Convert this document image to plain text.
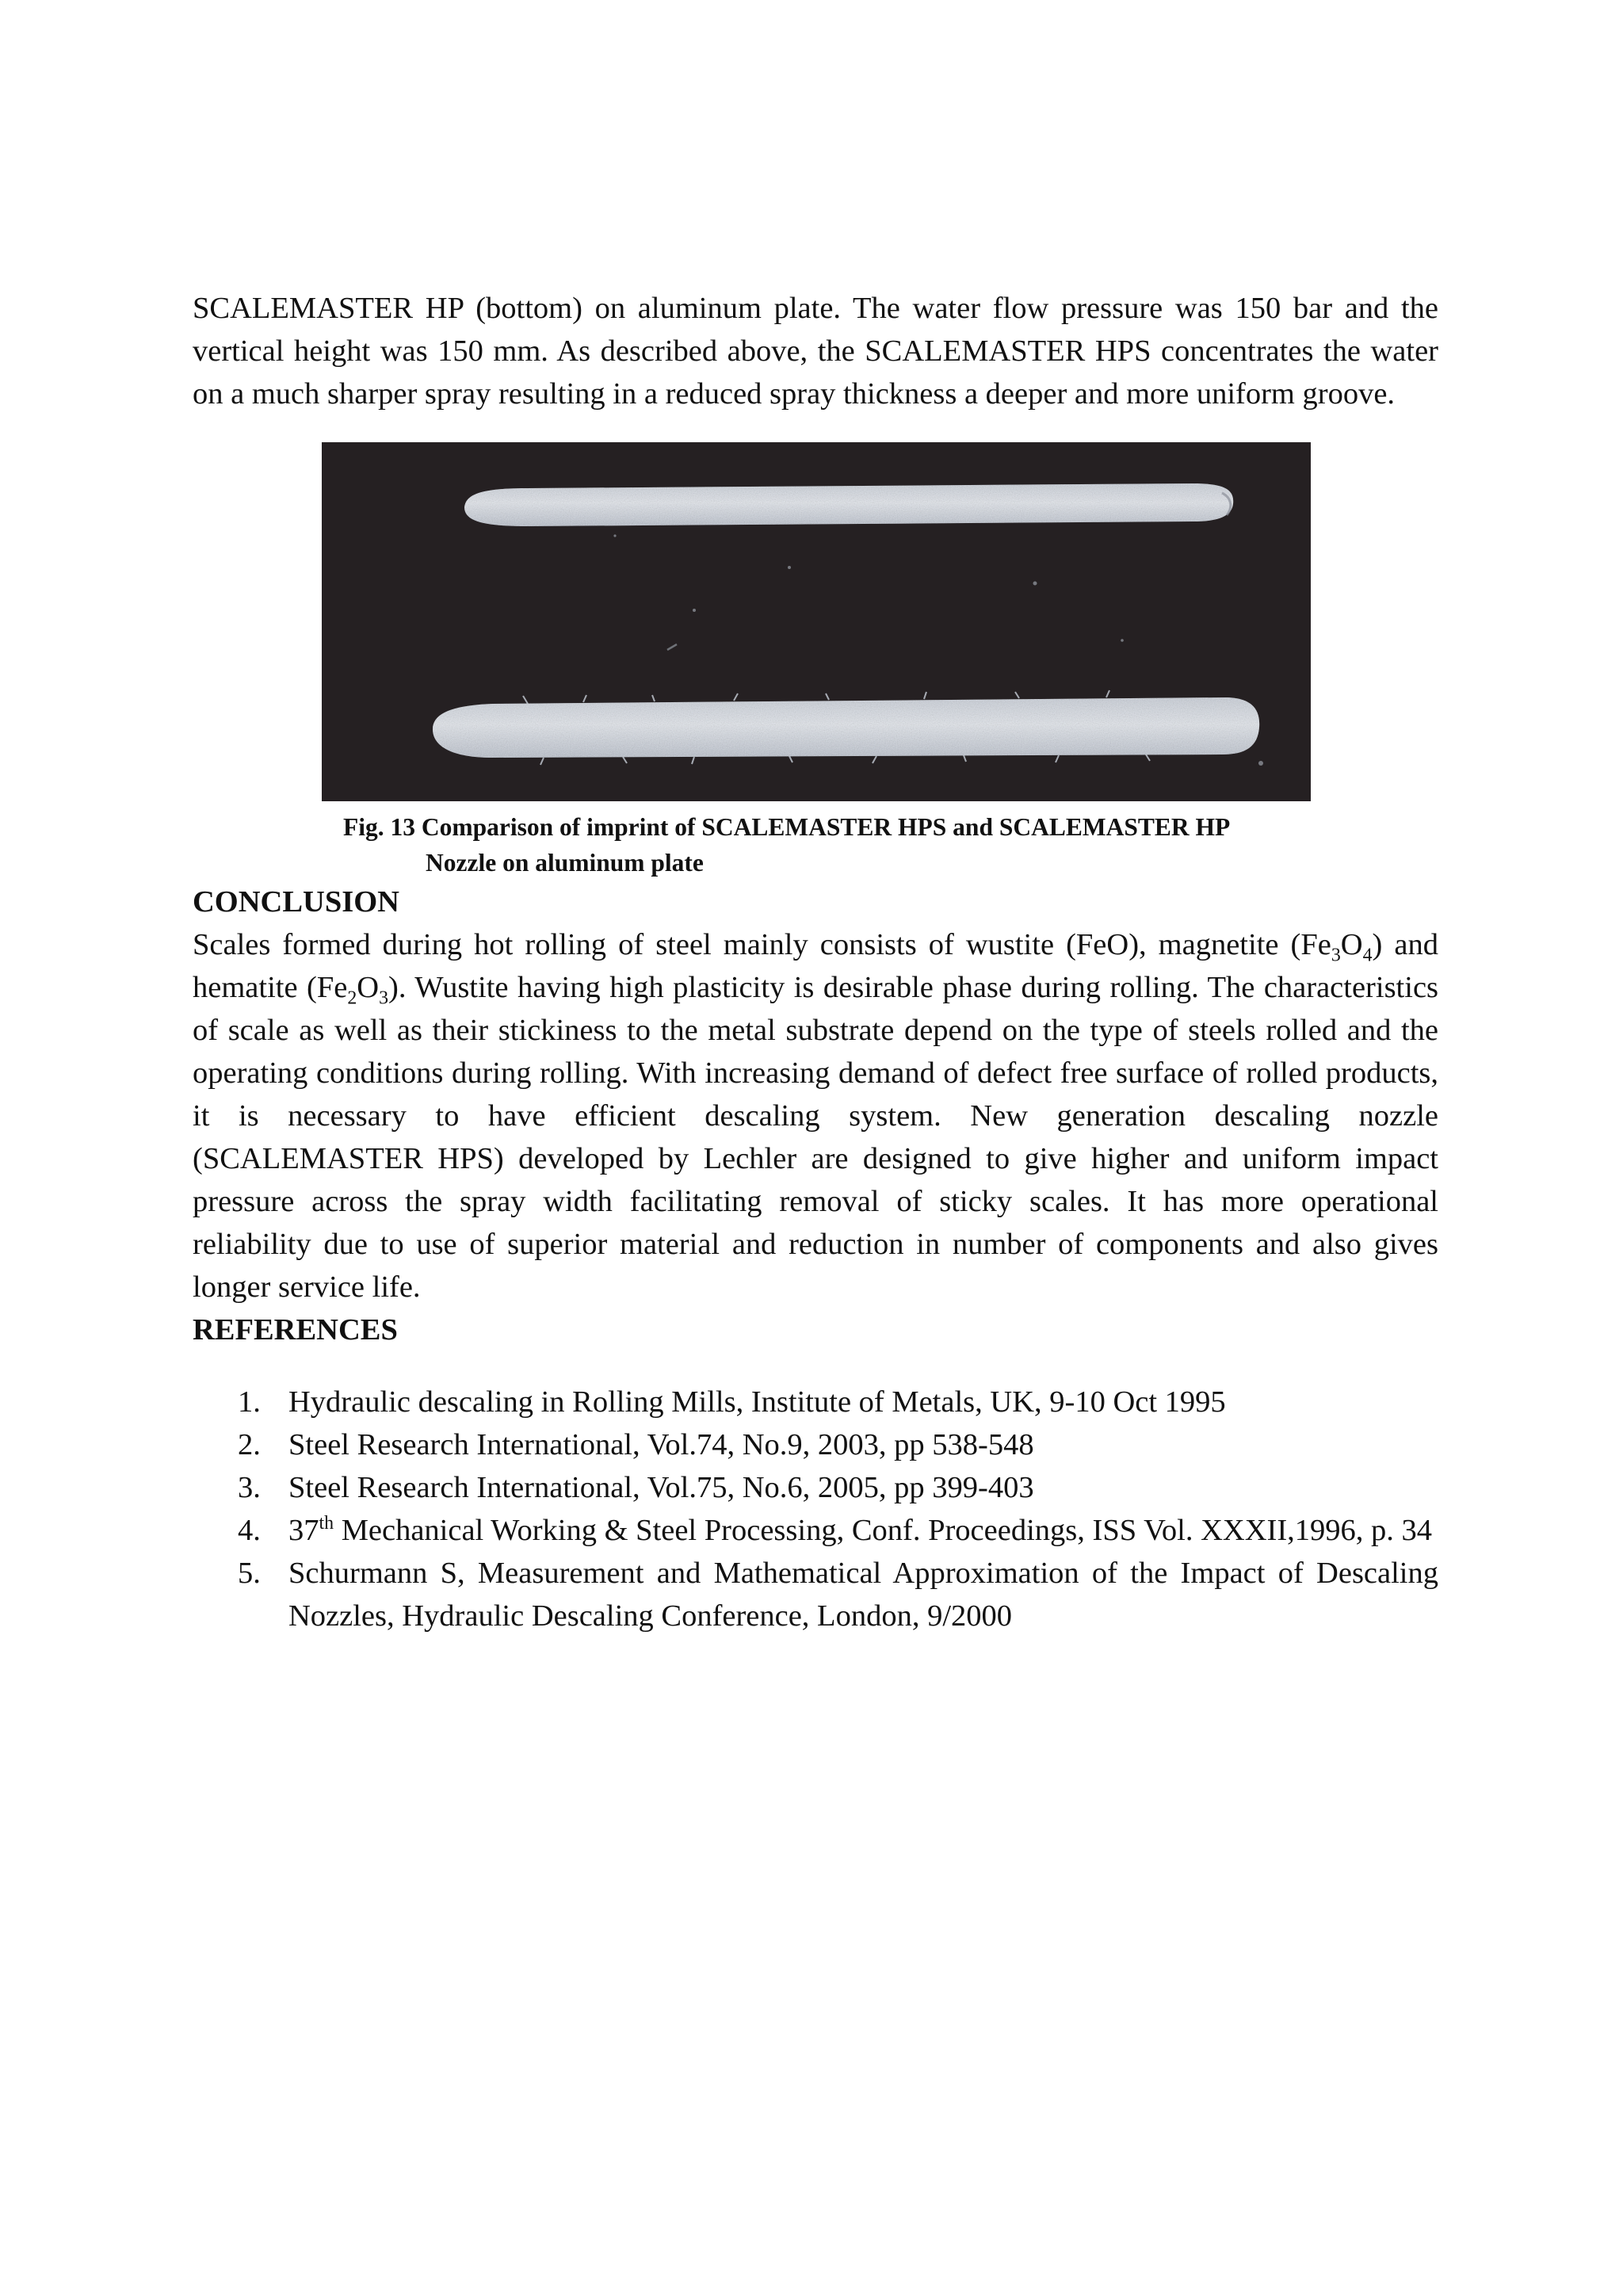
SCALEMASTER HP (bottom) on aluminum plate. The water flow pressure was 150 bar and the vertical height was 150 mm. As described above, the SCALEMASTER HPS concentrates the water on a much sharper spray resulting in a reduced spray thickness a deeper and more uniform groove.

Fig. 13 Comparison of imprint of SCALEMASTER HPS and SCALEMASTER HP
Nozzle on aluminum plate
CONCLUSION

Scales formed during hot rolling of steel mainly consists of wustite (FeO), magnetite $(Fe_3O_4)$ and hematite $(Fe_2O_3)$. Wustite having high plasticity is desirable phase during rolling. The characteristics of scale as well as their stickiness to the metal substrate depend on the type of steels rolled and the operating conditions during rolling. With increasing demand of defect free surface of rolled products, it is necessary to have efficient descaling system. New generation descaling nozzle (SCALEMASTER HPS) developed by Lechler are designed to give higher and uniform impact pressure across the spray width facilitating removal of sticky scales. It has more operational reliability due to use of superior material and reduction in number of components and also gives longer service life.

REFERENCES
1. Hydraulic descaling in Rolling Mills, Institute of Metals, UK, 9-10 Oct 1995
2. Steel Research International, Vol.74, No.9, 2003, pp 538-548
3. Steel Research International, Vol.75, No.6, 2005, pp 399-403
4. 37th Mechanical Working & Steel Processing, Conf. Proceedings, ISS Vol. XXXII,1996, p. 34
5. Schurmann S, Measurement and Mathematical Approximation of the Impact of Descaling Nozzles, Hydraulic Descaling Conference, London, 9/2000
